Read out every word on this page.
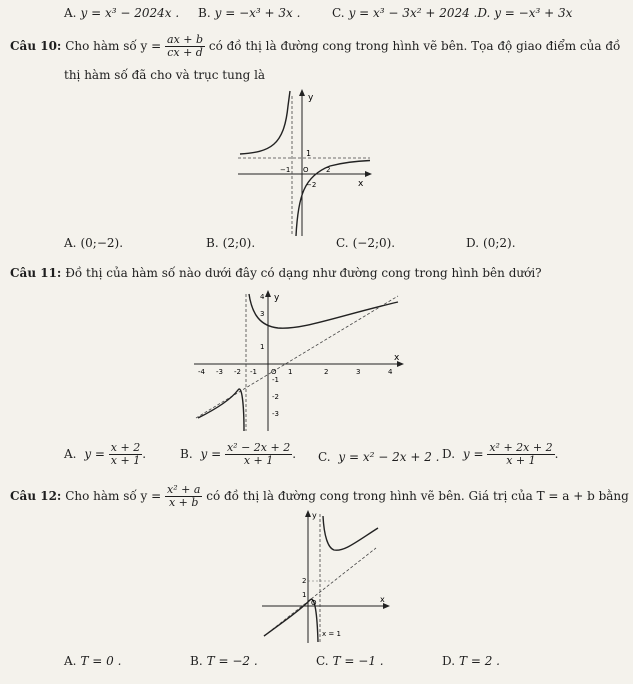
A. y = x³ − 2024x . B. y = −x³ + 3x .	C. y = x³ − 3x² + 2024 .D. y = −x³ + 3x
Câu 10: Cho hàm số $y = \frac{ax + b}{cx + d}$ có đồ thị là đường cong trong hình vẽ bên. Tọa độ giao điểm của đồ
thị hàm số đã cho và trục tung là
y
x
1
O
−1
−2
2
A. (0;−2).	B. (2;0).	C. (−2;0).	D. (0;2).
Câu 11: Đồ thị của hàm số nào dưới đây có dạng như đường cong trong hình bên dưới?
y
x
4
3
1
O
-1
-2
-3
-4 -3 -2 -1	1	2	3	4
A. $y = \frac{x + 2}{x + 1}$ .	B. $y = \frac{\text{x² − 2x + 2}}{x + 1}$ . C. y = x² − 2x + 2 . D. $y = \frac{\text{x² + 2x + 2}}{x + 1}$ .
Câu 12: Cho hàm số $y = \frac{\text{x² + a}}{x + b}$ có đồ thị là đường cong trong hình vẽ bên. Giá trị của T = a + b bằng
y
x
2
1
O
x = 1
A. T = 0 .	B. T = −2 .	C. T = −1 .	D. T = 2 .
